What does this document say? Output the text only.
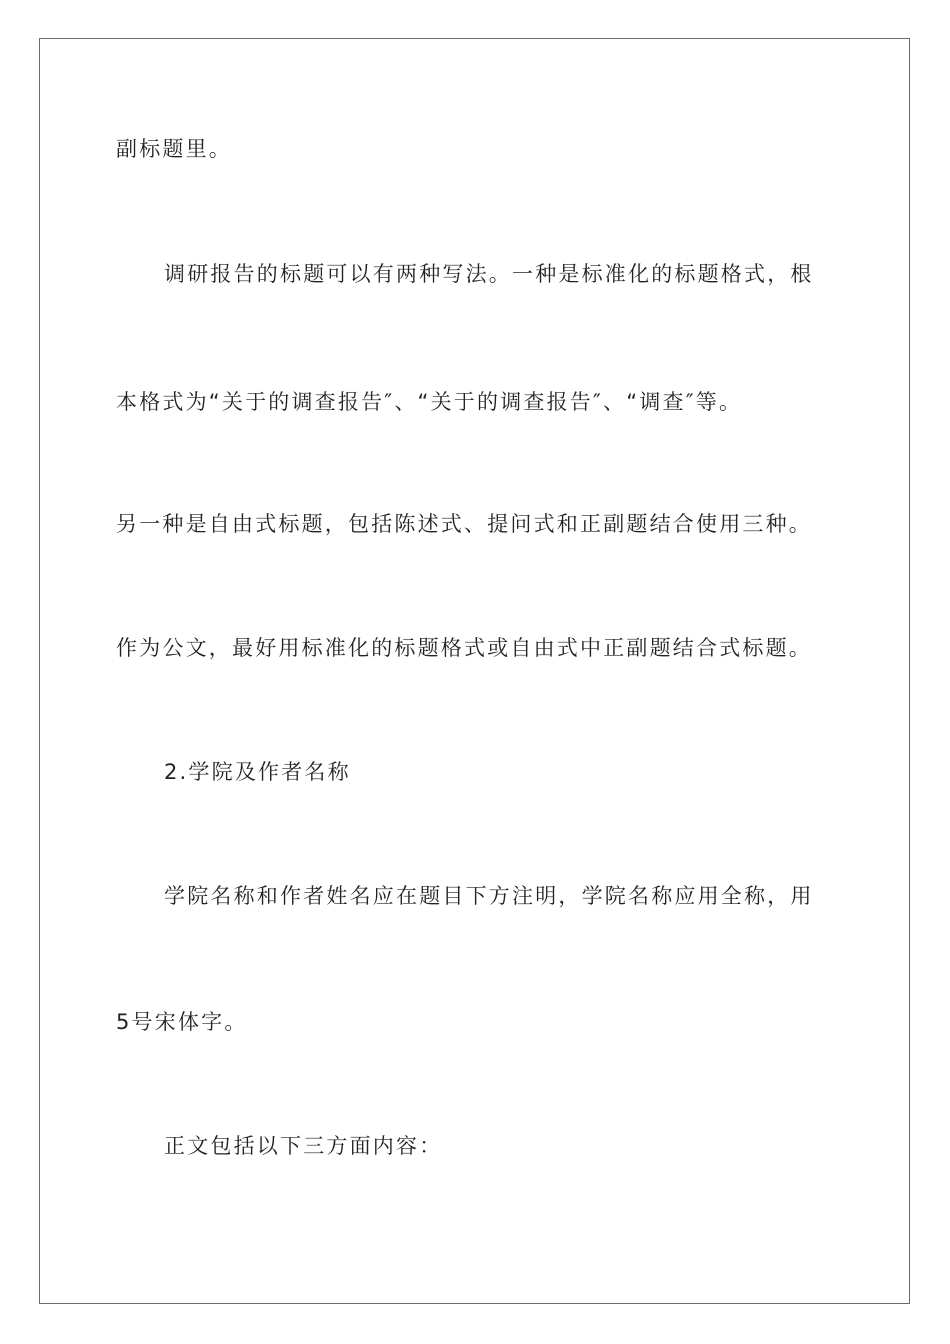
副标题里。

调研报告的标题可以有两种写法。一种是标准化的标题格式，根

本格式为“关于的调查报告″、“关于的调查报告″、“调查″等。

另一种是自由式标题，包括陈述式、提问式和正副题结合使用三种。

作为公文，最好用标准化的标题格式或自由式中正副题结合式标题。

2.学院及作者名称

学院名称和作者姓名应在题目下方注明，学院名称应用全称，用

5号宋体字。

正文包括以下三方面内容：
